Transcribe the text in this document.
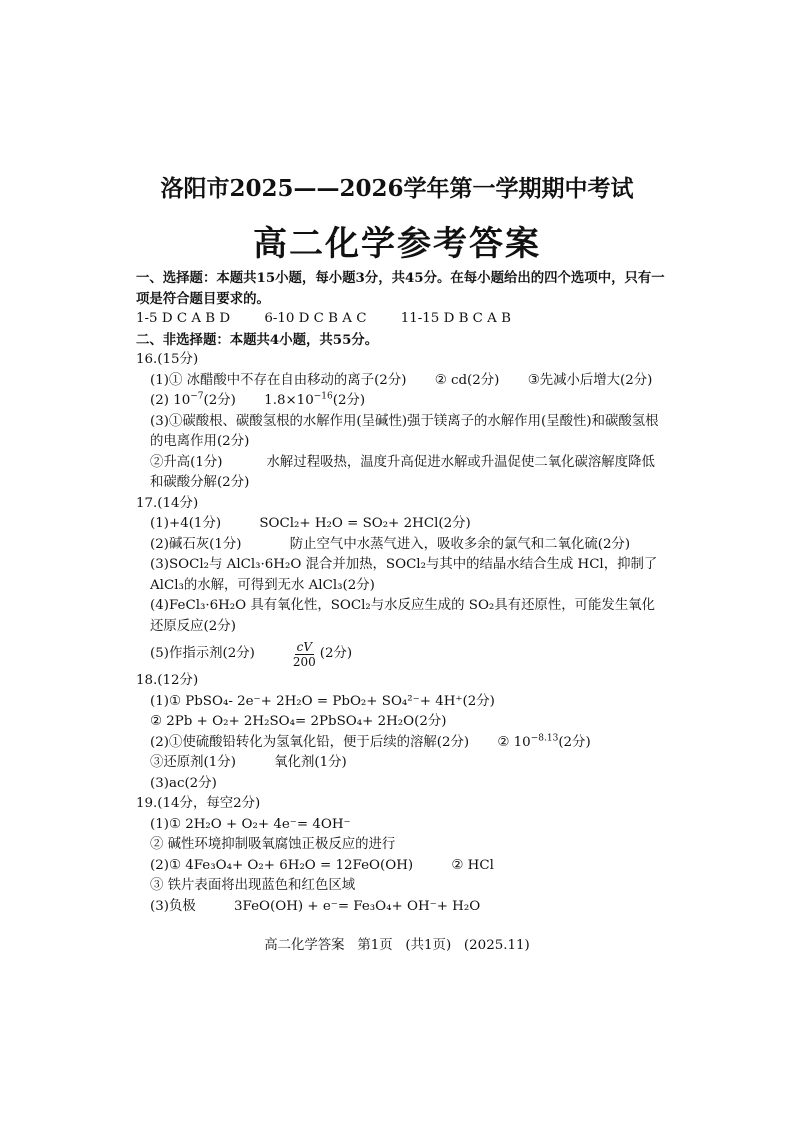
洛阳市2025——2026学年第一学期期中考试
高二化学参考答案
一、选择题：本题共15小题，每小题3分，共45分。在每小题给出的四个选项中，只有一项是符合题目要求的。
1-5 D C A B D	6-10 D C B A C	11-15 D B C A B
二、非选择题：本题共4小题，共55分。
16.(15分)
(1)① 冰醋酸中不存在自由移动的离子(2分) ② cd(2分) ③先减小后增大(2分)
(2) $10^{-7}(2$分) $1.8\times 10^{-16}(2$分)
(3)①碳酸根、碳酸氢根的水解作用(呈碱性)强于镁离子的水解作用(呈酸性)和碳酸氢根的电离作用(2分)
②升高(1分)	水解过程吸热，温度升高促进水解或升温促使二氧化碳溶解度降低和碳酸分解(2分)
17.(14分)
(1)+4(1分)	SOCl₂+ H₂O = SO₂+ 2HCl(2分)
(2)碱石灰(1分)	防止空气中水蒸气进入，吸收多余的氯气和二氧化硫(2分)
(3)SOCl₂与 AlCl₃·6H₂O 混合并加热，SOCl₂与其中的结晶水结合生成 HCl，抑制了 AlCl₃的水解，可得到无水 AlCl₃(2分)
(4)FeCl₃·6H₂O 具有氧化性，SOCl₂与水反应生成的 SO₂具有还原性，可能发生氧化还原反应(2分)
(5)作指示剂(2分)	$\frac{cV}{200} (2$分)
18.(12分)
(1)① PbSO₄- 2e⁻+ 2H₂O = PbO₂+ SO₄²⁻+ 4H⁺(2分)
② 2Pb + O₂+ 2H₂SO₄= 2PbSO₄+ 2H₂O(2分)
(2)①使硫酸铅转化为氢氧化铅，便于后续的溶解(2分) ② $10^{-8.13}(2$分)
③还原剂(1分)	氧化剂(1分)
(3)ac(2分)
19.(14分，每空2分)
(1)① 2H₂O + O₂+ 4e⁻= 4OH⁻
② 碱性环境抑制吸氧腐蚀正极反应的进行
(2)① 4Fe₃O₄+ O₂+ 6H₂O = 12FeO(OH)	② HCl
③ 铁片表面将出现蓝色和红色区域
(3)负极	3FeO(OH) + e⁻= Fe₃O₄+ OH⁻+ H₂O
高二化学答案   第1页   (共1页)   (2025.11)
